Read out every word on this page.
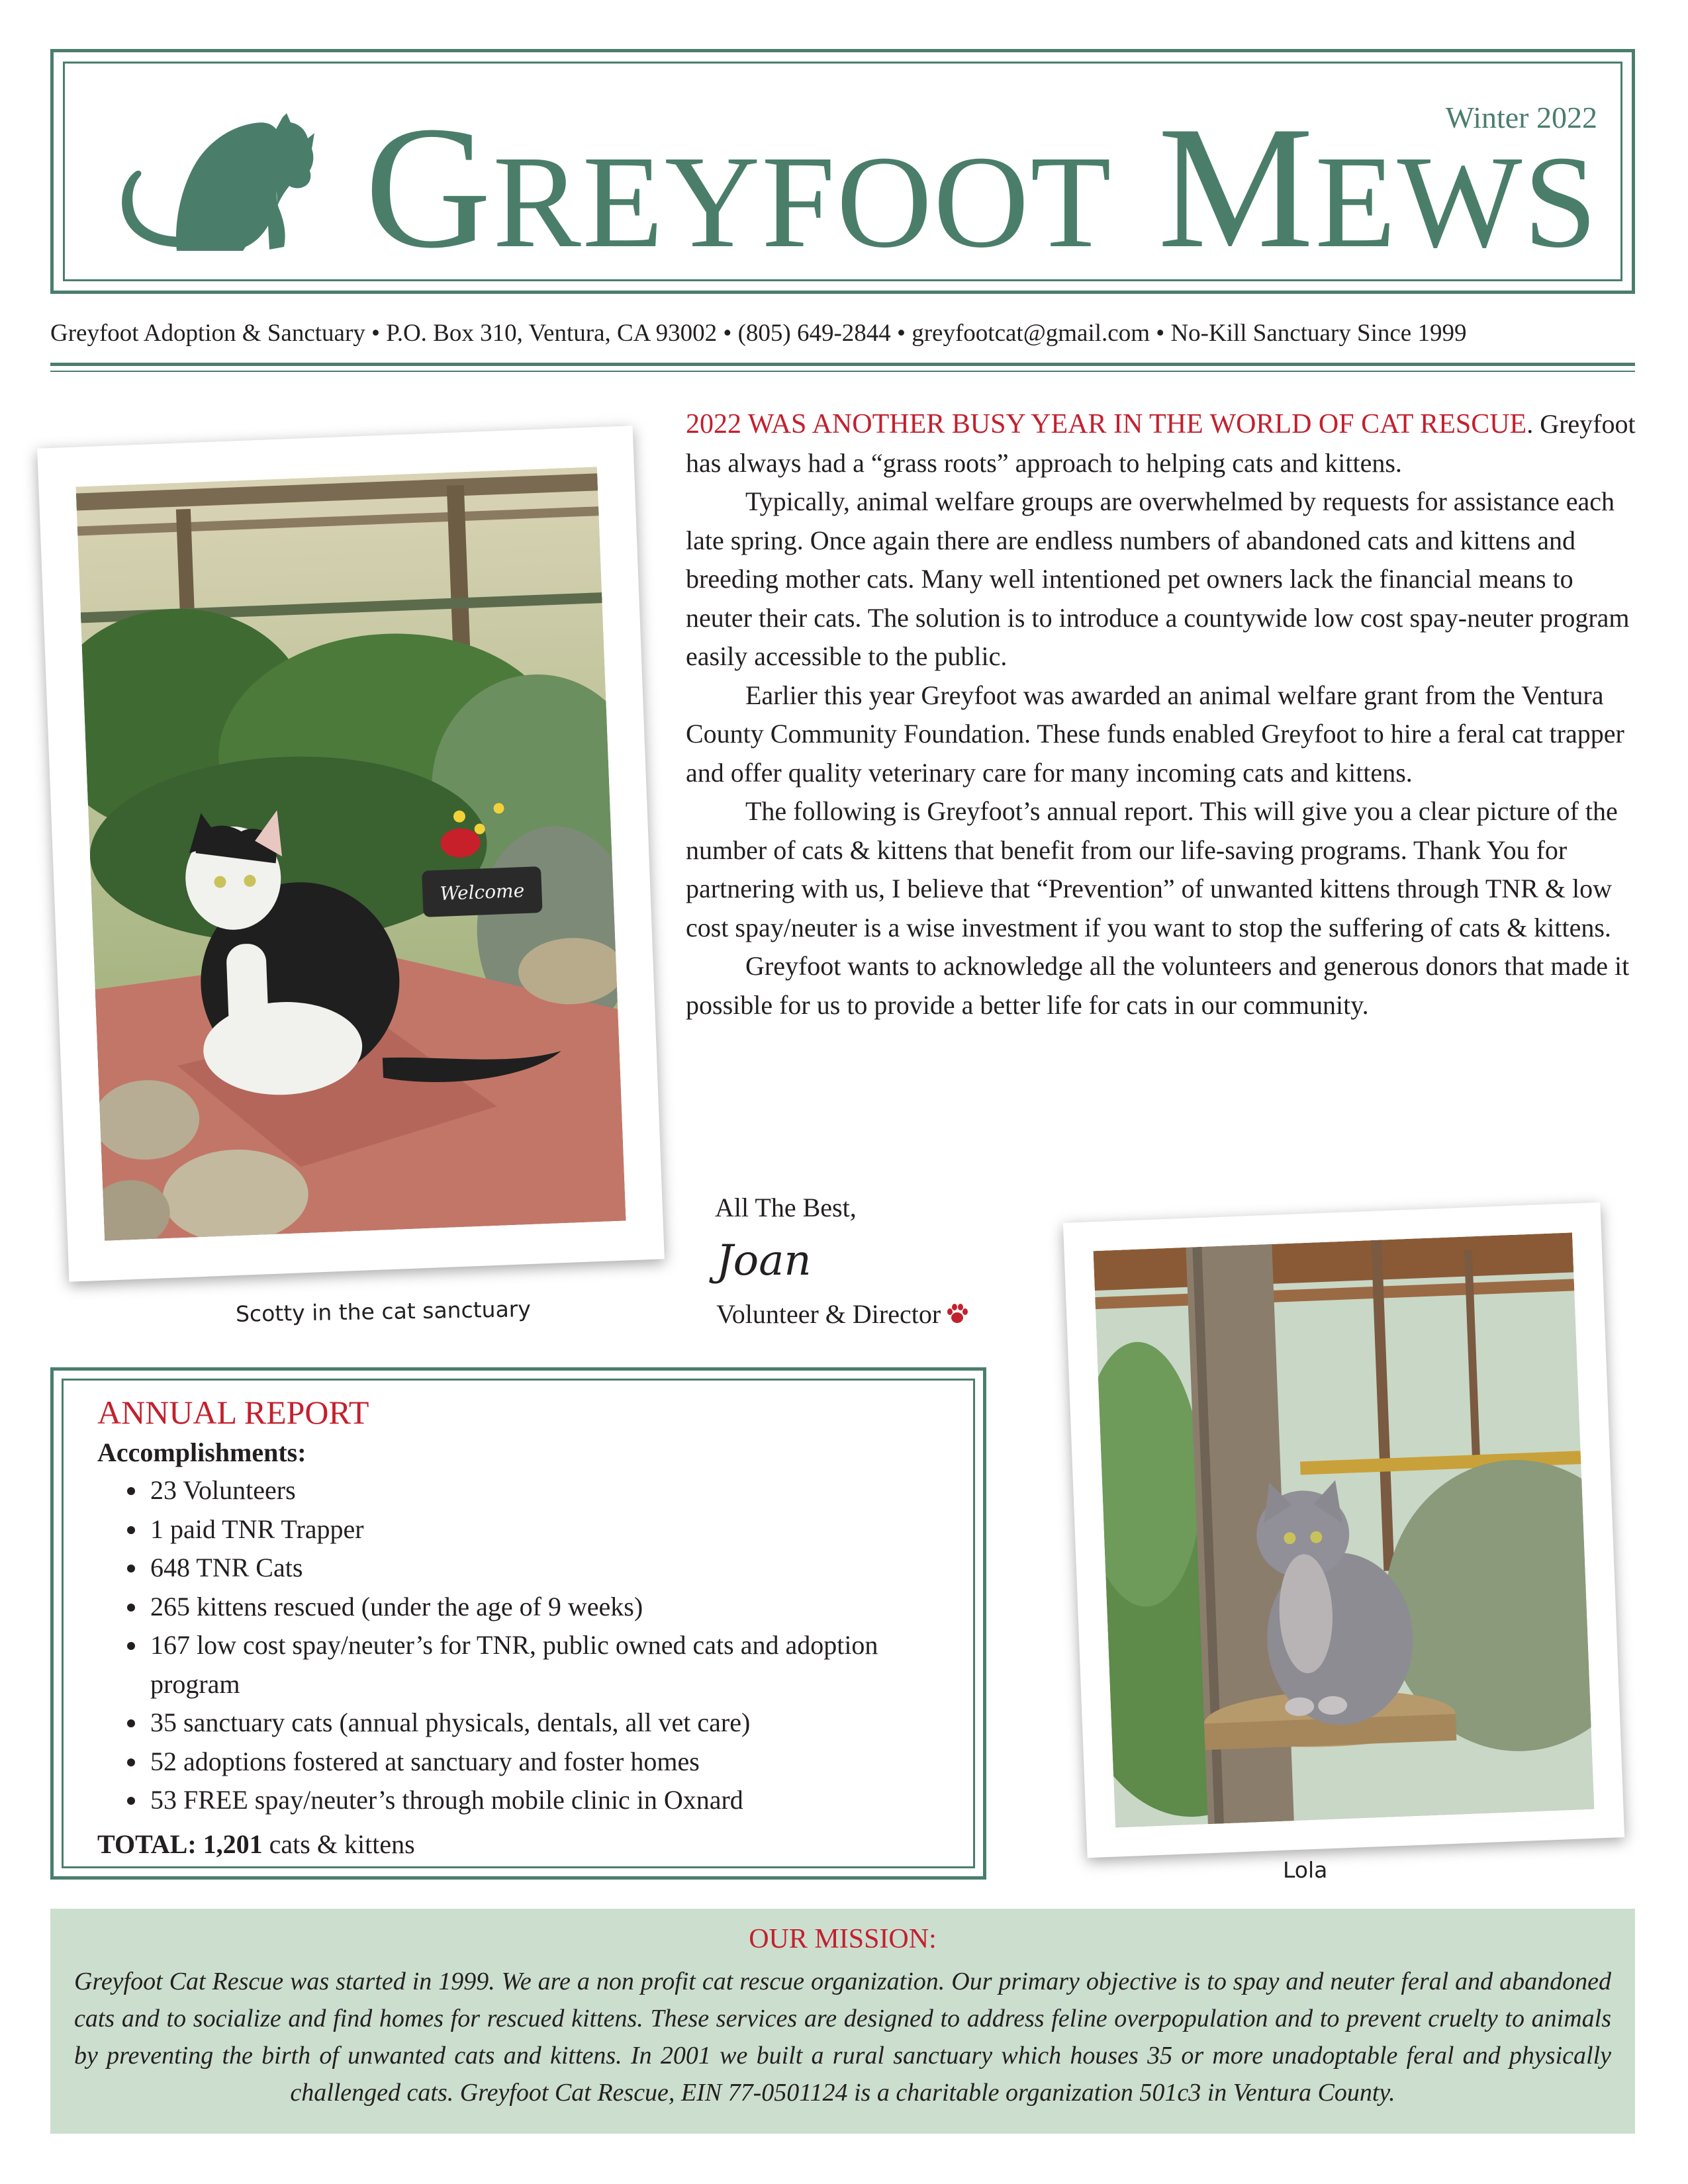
GREYFOOT MEWS
Winter 2022
Greyfoot Adoption & Sanctuary • P.O. Box 310, Ventura, CA 93002 • (805) 649-2844 • greyfootcat@gmail.com • No-Kill Sanctuary Since 1999
Welcome
Scotty in the cat sanctuary

2022 WAS ANOTHER BUSY YEAR IN THE WORLD OF CAT RESCUE. Greyfoot has always had a “grass roots” approach to helping cats and kittens.

Typically, animal welfare groups are overwhelmed by requests for assistance each late spring. Once again there are endless numbers of abandoned cats and kittens and breeding mother cats. Many well intentioned pet owners lack the financial means to neuter their cats. The solution is to introduce a countywide low cost spay-neuter program easily accessible to the public.

Earlier this year Greyfoot was awarded an animal welfare grant from the Ventura County Community Foundation. These funds enabled Greyfoot to hire a feral cat trapper and offer quality veterinary care for many incoming cats and kittens.

The following is Greyfoot’s annual report. This will give you a clear picture of the number of cats & kittens that benefit from our life-saving programs. Thank You for partnering with us, I believe that “Prevention” of unwanted kittens through TNR & low cost spay/neuter is a wise investment if you want to stop the suffering of cats & kittens.

Greyfoot wants to acknowledge all the volunteers and generous donors that made it possible for us to provide a better life for cats in our community.

All The Best,
Joan
Volunteer & Director
ANNUAL REPORT
Accomplishments:
• 23 Volunteers
• 1 paid TNR Trapper
• 648 TNR Cats
• 265 kittens rescued (under the age of 9 weeks)
• 167 low cost spay/neuter’s for TNR, public owned cats and adoption program
• 35 sanctuary cats (annual physicals, dentals, all vet care)
• 52 adoptions fostered at sanctuary and foster homes
• 53 FREE spay/neuter’s through mobile clinic in Oxnard
TOTAL: 1,201 cats & kittens
Lola
OUR MISSION:
Greyfoot Cat Rescue was started in 1999. We are a non profit cat rescue organization. Our primary objective is to spay and neuter feral and abandoned cats and to socialize and find homes for rescued kittens. These services are designed to address feline overpopulation and to prevent cruelty to animals by preventing the birth of unwanted cats and kittens. In 2001 we built a rural sanctuary which houses 35 or more unadoptable feral and physically challenged cats. Greyfoot Cat Rescue, EIN 77-0501124 is a charitable organization 501c3 in Ventura County.
